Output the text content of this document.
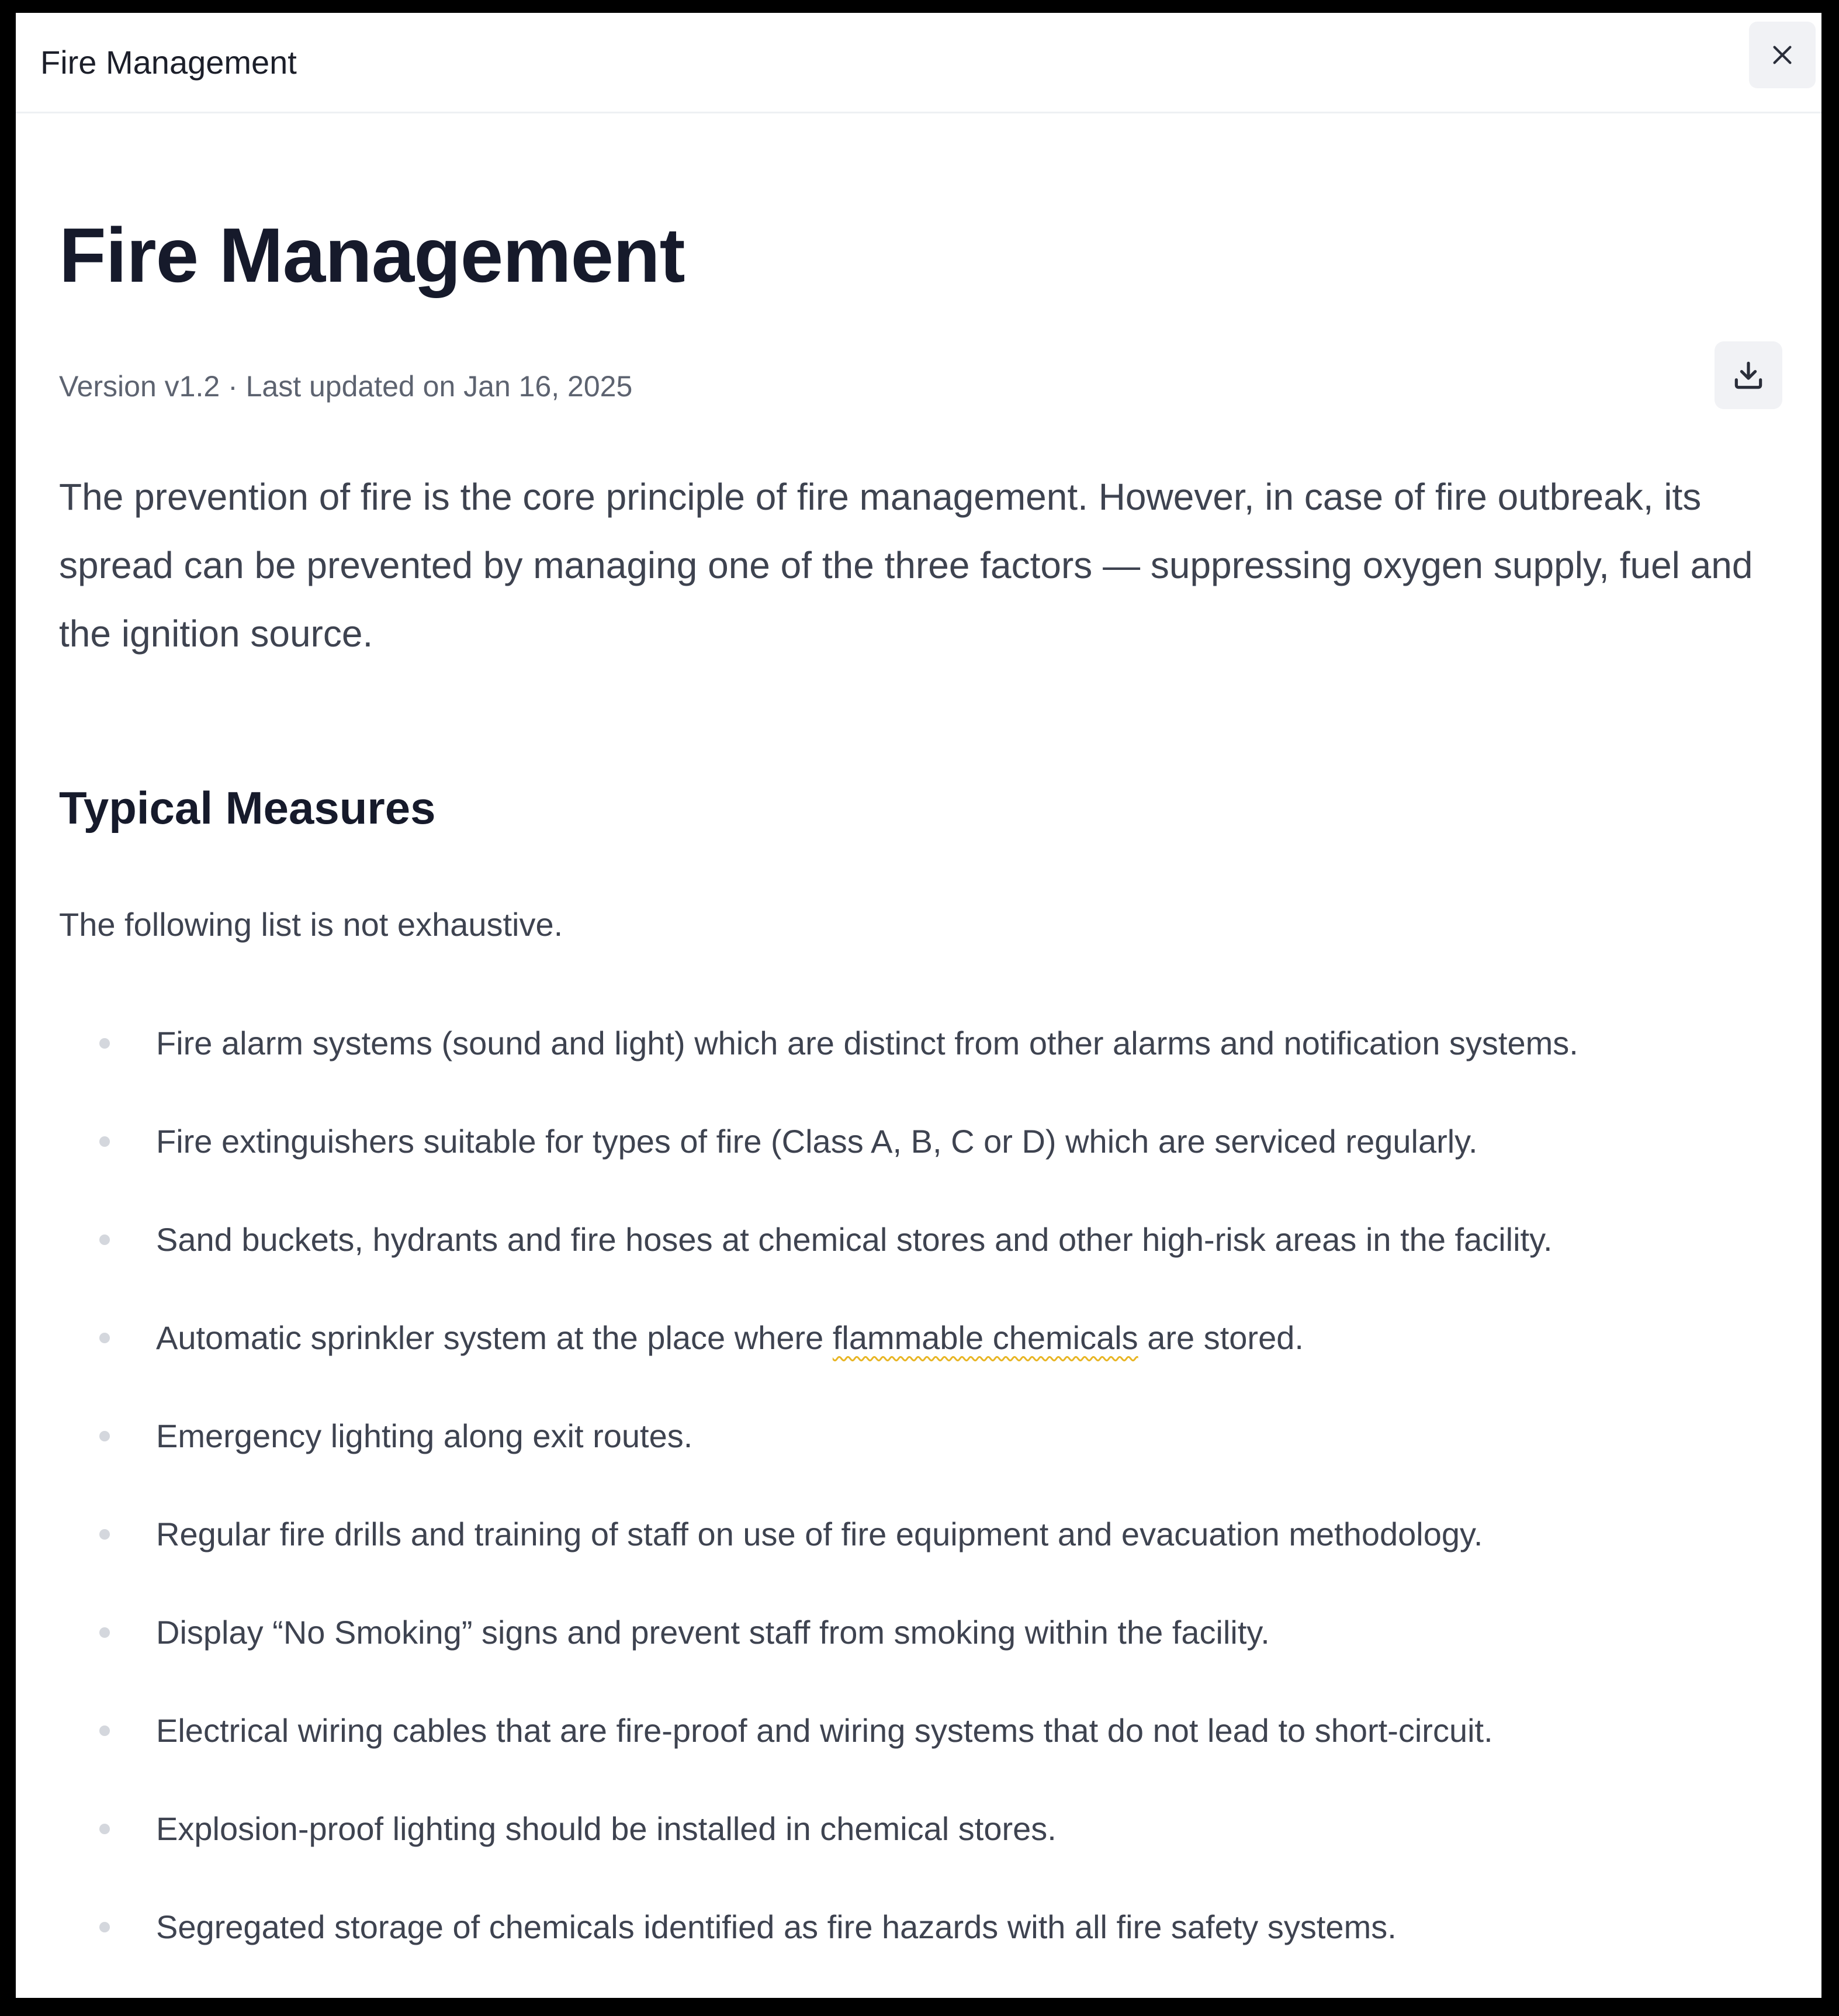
Fire Management
Fire Management
Version v1.2 · Last updated on Jan 16, 2025

The prevention of fire is the core principle of fire management. However, in case of fire outbreak, its spread can be prevented by managing one of the three factors — suppressing oxygen supply, fuel and the ignition source.

Typical Measures
The following list is not exhaustive.
Fire alarm systems (sound and light) which are distinct from other alarms and notification systems.
Fire extinguishers suitable for types of fire (Class A, B, C or D) which are serviced regularly.
Sand buckets, hydrants and fire hoses at chemical stores and other high-risk areas in the facility.
Automatic sprinkler system at the place where flammable chemicals are stored.
Emergency lighting along exit routes.
Regular fire drills and training of staff on use of fire equipment and evacuation methodology.
Display “No Smoking” signs and prevent staff from smoking within the facility.
Electrical wiring cables that are fire-proof and wiring systems that do not lead to short-circuit.
Explosion-proof lighting should be installed in chemical stores.
Segregated storage of chemicals identified as fire hazards with all fire safety systems.
